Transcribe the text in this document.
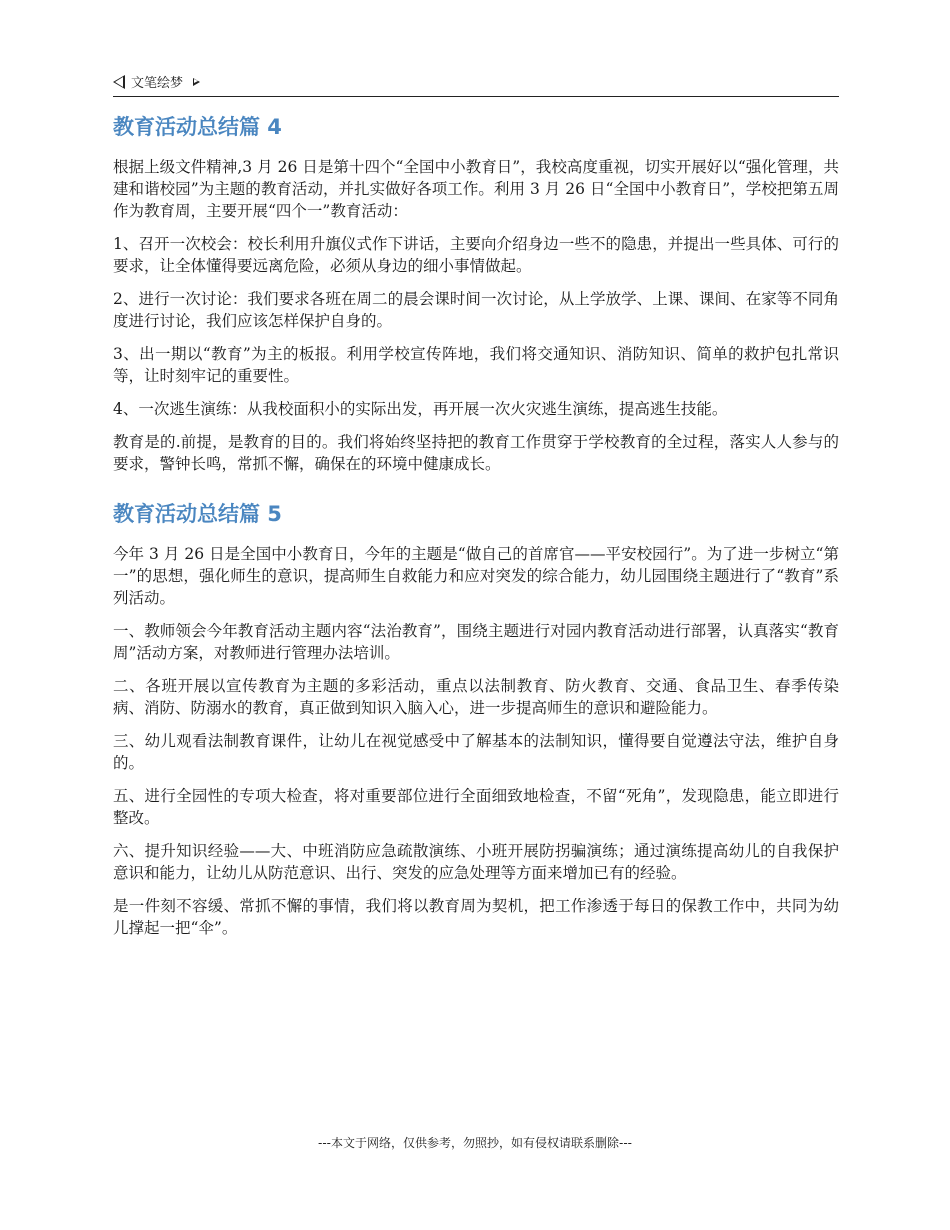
文笔绘梦
教育活动总结篇 4

根据上级文件精神,3 月 26 日是第十四个“全国中小教育日”，我校高度重视，切实开展好以“强化管理，共建和谐校园”为主题的教育活动，并扎实做好各项工作。利用 3 月 26 日“全国中小教育日”，学校把第五周作为教育周，主要开展“四个一”教育活动：

1、召开一次校会：校长利用升旗仪式作下讲话，主要向介绍身边一些不的隐患，并提出一些具体、可行的要求，让全体懂得要远离危险，必须从身边的细小事情做起。

2、进行一次讨论：我们要求各班在周二的晨会课时间一次讨论，从上学放学、上课、课间、在家等不同角度进行讨论，我们应该怎样保护自身的。

3、出一期以“教育”为主的板报。利用学校宣传阵地，我们将交通知识、消防知识、简单的救护包扎常识等，让时刻牢记的重要性。

4、一次逃生演练：从我校面积小的实际出发，再开展一次火灾逃生演练，提高逃生技能。

教育是的.前提，是教育的目的。我们将始终坚持把的教育工作贯穿于学校教育的全过程，落实人人参与的要求，警钟长鸣，常抓不懈，确保在的环境中健康成长。

教育活动总结篇 5

今年 3 月 26 日是全国中小教育日，今年的主题是“做自己的首席官——平安校园行”。为了进一步树立“第一”的思想，强化师生的意识，提高师生自救能力和应对突发的综合能力，幼儿园围绕主题进行了“教育”系列活动。

一、教师领会今年教育活动主题内容“法治教育”，围绕主题进行对园内教育活动进行部署，认真落实“教育周”活动方案，对教师进行管理办法培训。

二、各班开展以宣传教育为主题的多彩活动，重点以法制教育、防火教育、交通、食品卫生、春季传染病、消防、防溺水的教育，真正做到知识入脑入心，进一步提高师生的意识和避险能力。

三、幼儿观看法制教育课件，让幼儿在视觉感受中了解基本的法制知识，懂得要自觉遵法守法，维护自身的。

五、进行全园性的专项大检查，将对重要部位进行全面细致地检查，不留“死角”，发现隐患，能立即进行整改。

六、提升知识经验——大、中班消防应急疏散演练、小班开展防拐骗演练；通过演练提高幼儿的自我保护意识和能力，让幼儿从防范意识、出行、突发的应急处理等方面来增加已有的经验。

是一件刻不容缓、常抓不懈的事情，我们将以教育周为契机，把工作渗透于每日的保教工作中，共同为幼儿撑起一把“伞”。

---本文于网络，仅供参考，勿照抄，如有侵权请联系删除---
